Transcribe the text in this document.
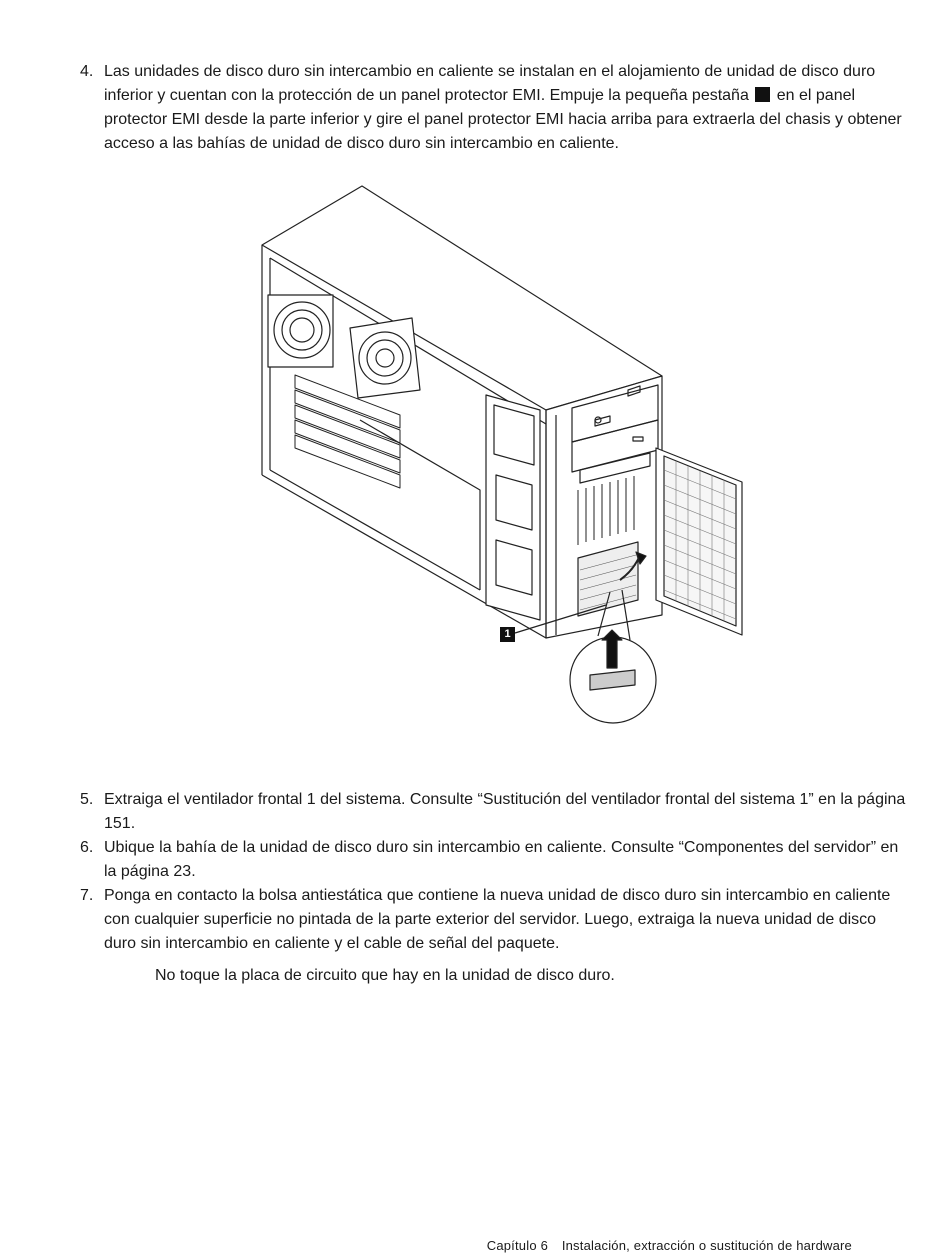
4. Las unidades de disco duro sin intercambio en caliente se instalan en el alojamiento de unidad de disco duro inferior y cuentan con la protección de un panel protector EMI. Empuje la pequeña pestaña en el panel protector EMI desde la parte inferior y gire el panel protector EMI hacia arriba para extraerla del chasis y obtener acceso a las bahías de unidad de disco duro sin intercambio en caliente.
1
5. Extraiga el ventilador frontal 1 del sistema. Consulte “Sustitución del ventilador frontal del sistema 1” en la página 151.
6. Ubique la bahía de la unidad de disco duro sin intercambio en caliente. Consulte “Componentes del servidor” en la página 23.
7. Ponga en contacto la bolsa antiestática que contiene la nueva unidad de disco duro sin intercambio en caliente con cualquier superficie no pintada de la parte exterior del servidor. Luego, extraiga la nueva unidad de disco duro sin intercambio en caliente y el cable de señal del paquete.
No toque la placa de circuito que hay en la unidad de disco duro.
Capítulo 6 Instalación, extracción o sustitución de hardware
